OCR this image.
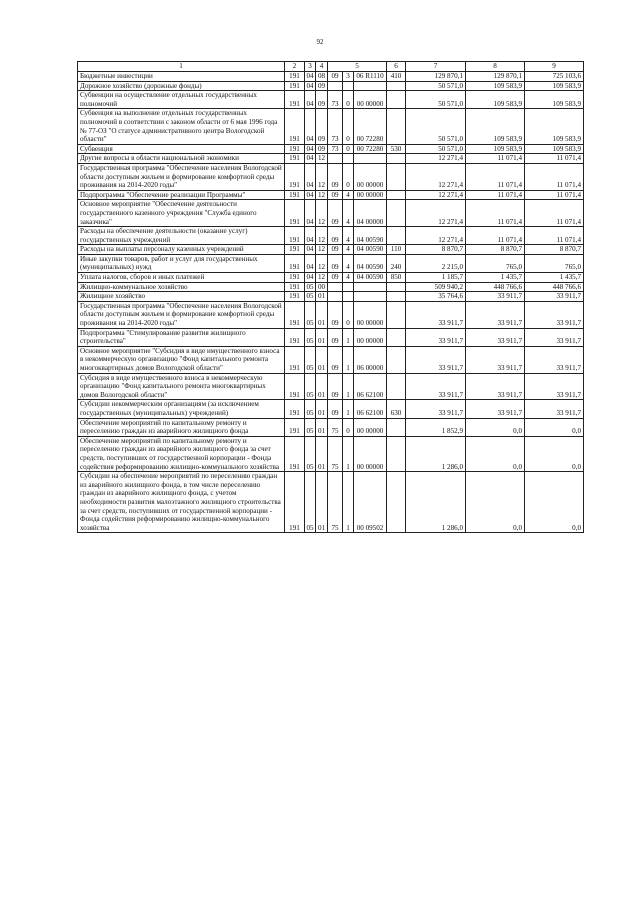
92
1	2	3	4	5			6	7	8	9
Бюджетные инвестиции	191	04	08	09	3	06 R1110	410	129 870,1	129 870,1	725 103,6
Дорожное хозяйство (дорожные фонды)	191	04	09					50 571,0	109 583,9	109 583,9
Субвенции на осуществление отдельных государственных полномочий	191	04	09	73	0	00 00000		50 571,0	109 583,9	109 583,9
Субвенция на выполнение отдельных государственных полномочий в соответствии с законом области от 6 мая 1996 года № 77-ОЗ "О статусе административного центра Вологодской области"	191	04	09	73	0	00 72280		50 571,0	109 583,9	109 583,9
Субвенция	191	04	09	73	0	00 72280	530	50 571,0	109 583,9	109 583,9
Другие вопросы в области национальной экономики	191	04	12					12 271,4	11 071,4	11 071,4
Государственная программа "Обеспечение населения Вологодской области доступным жильем и формирование комфортной среды проживания на 2014-2020 годы"	191	04	12	09	0	00 00000		12 271,4	11 071,4	11 071,4
Подпрограмма "Обеспечение реализации Программы"	191	04	12	09	4	00 00000		12 271,4	11 071,4	11 071,4
Основное мероприятие "Обеспечение деятельности государственного казенного учреждения "Служба единого заказчика"	191	04	12	09	4	04 00000		12 271,4	11 071,4	11 071,4
Расходы на обеспечение деятельности (оказание услуг) государственных учреждений	191	04	12	09	4	04 00590		12 271,4	11 071,4	11 071,4
Расходы на выплаты персоналу казенных учреждений	191	04	12	09	4	04 00590	110	8 870,7	8 870,7	8 870,7
Иные закупки товаров, работ и услуг для государственных (муниципальных) нужд	191	04	12	09	4	04 00590	240	2 215,0	765,0	765,0
Уплата налогов, сборов и иных платежей	191	04	12	09	4	04 00590	850	1 185,7	1 435,7	1 435,7
Жилищно-коммунальное хозяйство	191	05	00					509 940,2	448 766,6	448 766,6
Жилищное хозяйство	191	05	01					35 764,6	33 911,7	33 911,7
Государственная программа "Обеспечение населения Вологодской области доступным жильем и формирование комфортной среды проживания на 2014-2020 годы"	191	05	01	09	0	00 00000		33 911,7	33 911,7	33 911,7
Подпрограмма "Стимулирование развития жилищного строительства"	191	05	01	09	1	00 00000		33 911,7	33 911,7	33 911,7
Основное мероприятие "Субсидия в виде имущественного взноса в некоммерческую организацию "Фонд капитального ремонта многоквартирных домов Вологодской области"	191	05	01	09	1	06 00000		33 911,7	33 911,7	33 911,7
Субсидия в виде имущественного взноса в некоммерческую организацию "Фонд капитального ремонта многоквартирных домов Вологодской области"	191	05	01	09	1	06 62100		33 911,7	33 911,7	33 911,7
Субсидии некоммерческим организациям (за исключением государственных (муниципальных) учреждений)	191	05	01	09	1	06 62100	630	33 911,7	33 911,7	33 911,7
Обеспечение мероприятий по капитальному ремонту и переселению граждан из аварийного жилищного фонда	191	05	01	75	0	00 00000		1 852,9	0,0	0,0
Обеспечение мероприятий по капитальному ремонту и переселению граждан из аварийного жилищного фонда за счет средств, поступивших от государственной корпорации - Фонда содействия реформированию жилищно-коммунального хозяйства	191	05	01	75	1	00 00000		1 286,0	0,0	0,0
Субсидии на обеспечение мероприятий по переселению граждан из аварийного жилищного фонда, в том числе переселению граждан из аварийного жилищного фонда, с учетом необходимости развития малоэтажного жилищного строительства за счет средств, поступивших от государственной корпорации - Фонда содействия реформированию жилищно-коммунального хозяйства	191	05	01	75	1	00 09502		1 286,0	0,0	0,0
